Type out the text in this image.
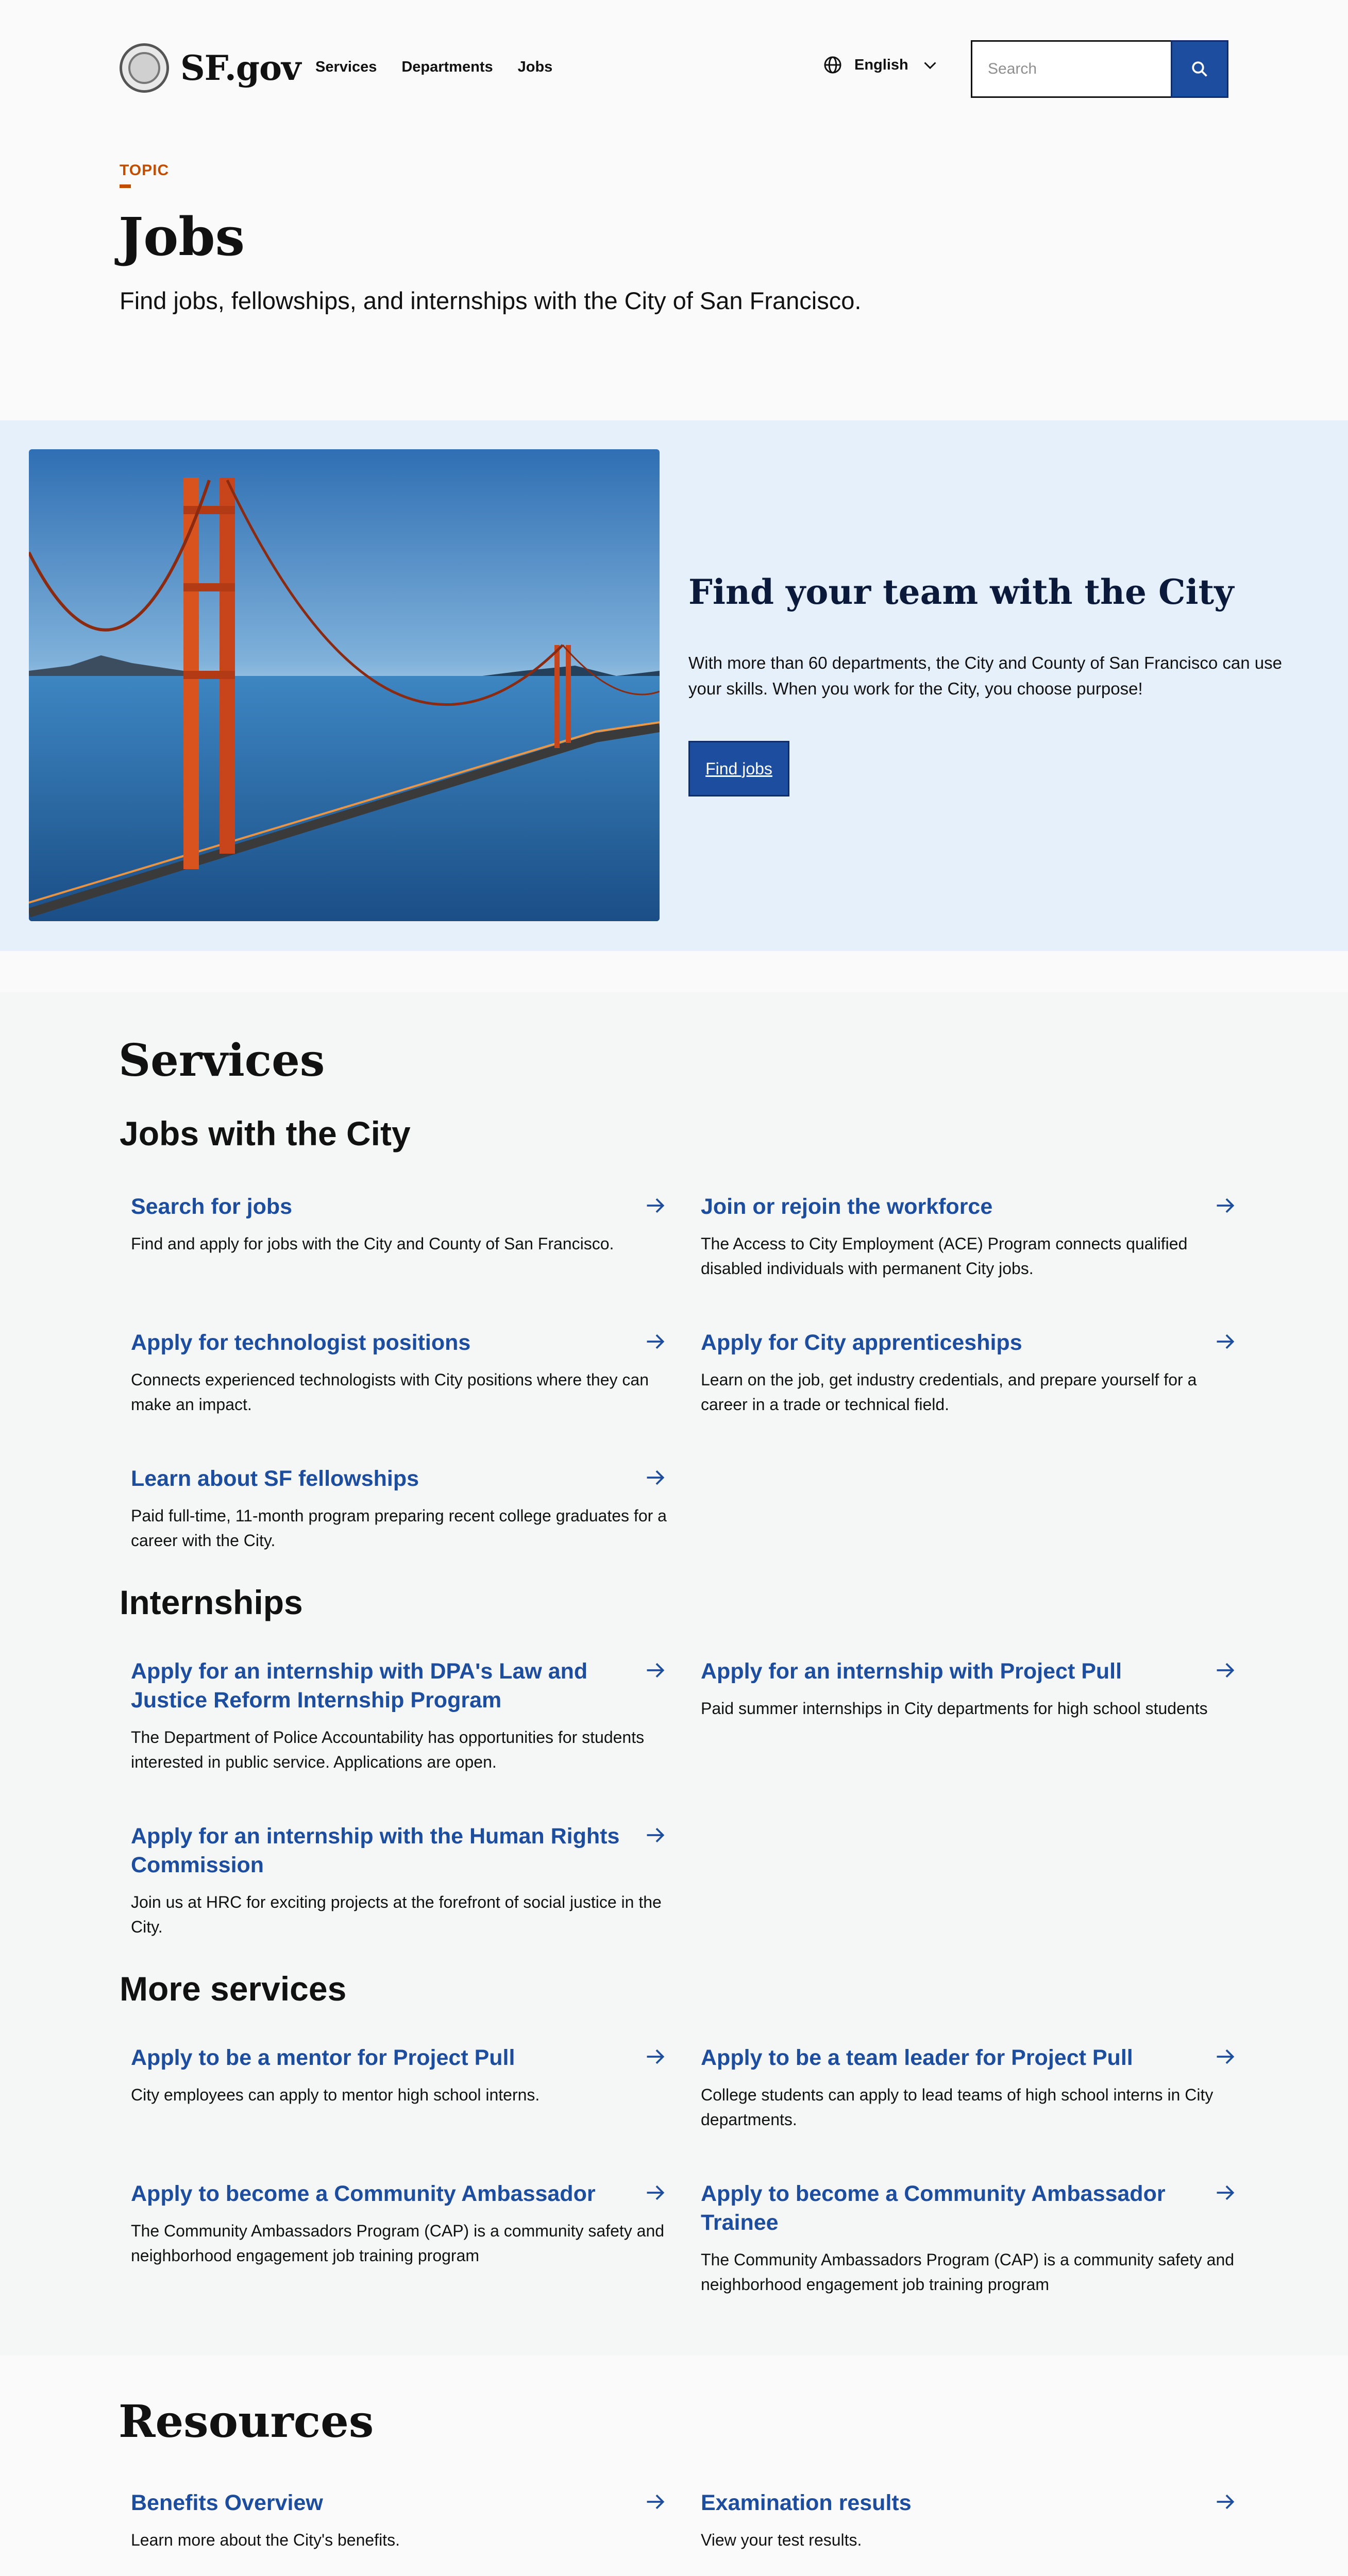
SF.gov Services Departments Jobs	English
Search
TOPIC
Jobs

Find jobs, fellowships, and internships with the City of San Francisco.

Find your team with the City

With more than 60 departments, the City and County of San Francisco can use your skills. When you work for the City, you choose purpose!

Find jobs
Services
Jobs with the City
Search for jobs
Find and apply for jobs with the City and County of San Francisco.
Join or rejoin the workforce
The Access to City Employment (ACE) Program connects qualified disabled individuals with permanent City jobs.
Apply for technologist positions
Connects experienced technologists with City positions where they can make an impact.
Apply for City apprenticeships
Learn on the job, get industry credentials, and prepare yourself for a career in a trade or technical field.
Learn about SF fellowships
Paid full-time, 11-month program preparing recent college graduates for a career with the City.
Internships
Apply for an internship with DPA's Law and Justice Reform Internship Program
The Department of Police Accountability has opportunities for students interested in public service. Applications are open.
Apply for an internship with Project Pull
Paid summer internships in City departments for high school students
Apply for an internship with the Human Rights Commission
Join us at HRC for exciting projects at the forefront of social justice in the City.
More services
Apply to be a mentor for Project Pull
City employees can apply to mentor high school interns.
Apply to be a team leader for Project Pull
College students can apply to lead teams of high school interns in City departments.
Apply to become a Community Ambassador
The Community Ambassadors Program (CAP) is a community safety and neighborhood engagement job training program
Apply to become a Community Ambassador Trainee
The Community Ambassadors Program (CAP) is a community safety and neighborhood engagement job training program
Resources
Benefits Overview
Learn more about the City's benefits.
Examination results
View your test results.
